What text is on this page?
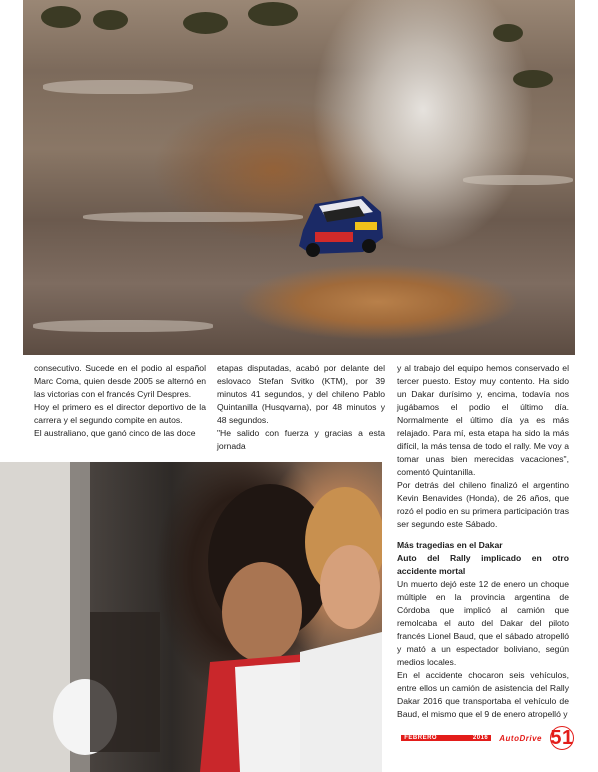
consecutivo. Sucede en el podio al español Marc Coma, quien desde 2005 se alternó en las victorias con el francés Cyril Despres.

Hoy el primero es el director deportivo de la carrera y el segundo compite en autos.

El australiano, que ganó cinco de las doce

etapas disputadas, acabó por delante del eslovaco Stefan Svitko (KTM), por 39 minutos 41 segundos, y del chileno Pablo Quintanilla (Husqvarna), por 48 minutos y 48 segundos.

"He salido con fuerza y gracias a esta jornada

y al trabajo del equipo hemos conservado el tercer puesto. Estoy muy contento. Ha sido un Dakar durísimo y, encima, todavía nos jugábamos el podio el último día. Normalmente el último día ya es más relajado. Para mí, esta etapa ha sido la más difícil, la más tensa de todo el rally. Me voy a tomar unas bien merecidas vacaciones", comentó Quintanilla.

Por detrás del chileno finalizó el argentino Kevin Benavides (Honda), de 26 años, que rozó el podio en su primera participación tras ser segundo este Sábado.

Más tragedias en el Dakar

Auto del Rally implicado en otro accidente mortal

Un muerto dejó este 12 de enero un choque múltiple en la provincia argentina de Córdoba que implicó al camión que remolcaba el auto del Dakar del piloto francés Lionel Baud, que el sábado atropelló y mató a un espectador boliviano, según medios locales.

En el accidente chocaron seis vehículos, entre ellos un camión de asistencia del Rally Dakar 2016 que transportaba el vehículo de Baud, el mismo que el 9 de enero atropelló y

FEBRERO	2016 AutoDrive 51
